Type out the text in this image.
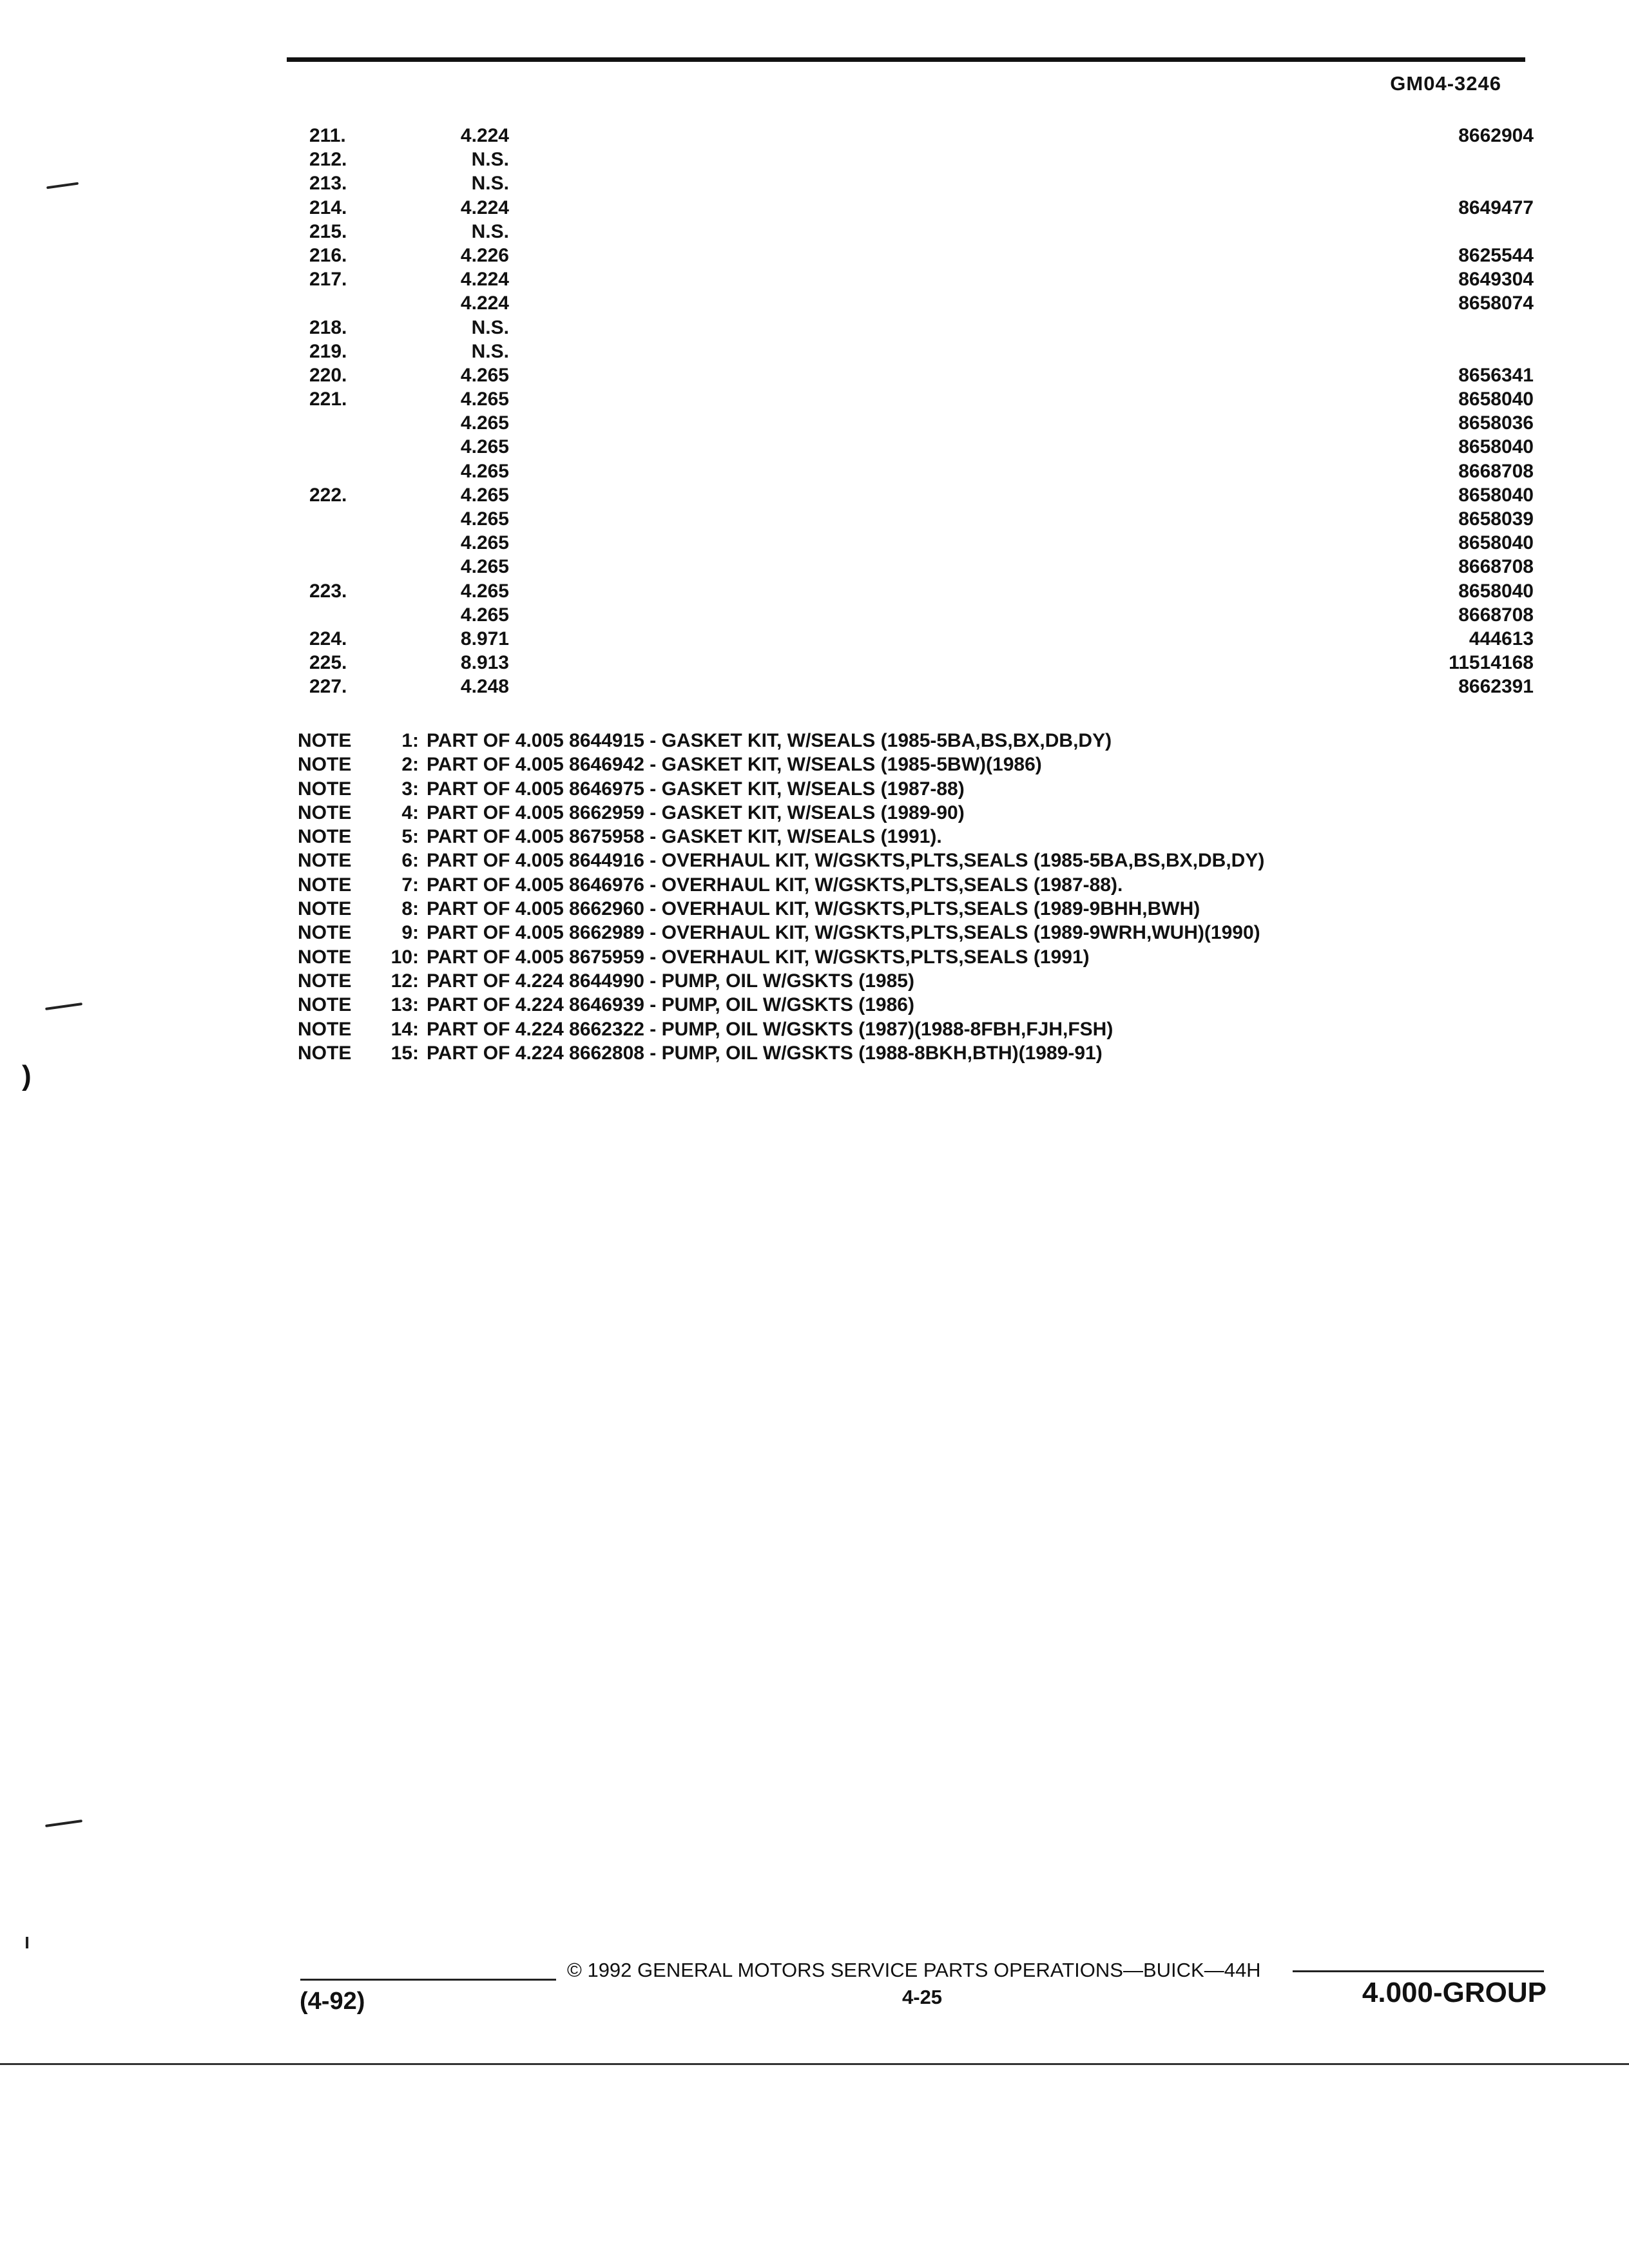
GM04-3246
211.	4.224	8662904
212.	N.S.
213.	N.S.
214.	4.224	8649477
215.	N.S.
216.	4.226	8625544
217.	4.224	8649304
4.224	8658074
218.	N.S.
219.	N.S.
220.	4.265	8656341
221.	4.265	8658040
4.265	8658036
4.265	8658040
4.265	8668708
222.	4.265	8658040
4.265	8658039
4.265	8658040
4.265	8668708
223.	4.265	8658040
4.265	8668708
224.	8.971	444613
225.	8.913	11514168
227.	4.248	8662391
NOTE	1: PART OF 4.005 8644915 - GASKET KIT, W/SEALS (1985-5BA,BS,BX,DB,DY)
NOTE	2: PART OF 4.005 8646942 - GASKET KIT, W/SEALS (1985-5BW)(1986)
NOTE	3: PART OF 4.005 8646975 - GASKET KIT, W/SEALS (1987-88)
NOTE	4: PART OF 4.005 8662959 - GASKET KIT, W/SEALS (1989-90)
NOTE	5: PART OF 4.005 8675958 - GASKET KIT, W/SEALS (1991).
NOTE	6: PART OF 4.005 8644916 - OVERHAUL KIT, W/GSKTS,PLTS,SEALS (1985-5BA,BS,BX,DB,DY)
NOTE	7: PART OF 4.005 8646976 - OVERHAUL KIT, W/GSKTS,PLTS,SEALS (1987-88).
NOTE	8: PART OF 4.005 8662960 - OVERHAUL KIT, W/GSKTS,PLTS,SEALS (1989-9BHH,BWH)
NOTE	9: PART OF 4.005 8662989 - OVERHAUL KIT, W/GSKTS,PLTS,SEALS (1989-9WRH,WUH)(1990)
NOTE	10: PART OF 4.005 8675959 - OVERHAUL KIT, W/GSKTS,PLTS,SEALS (1991)
NOTE	12: PART OF 4.224 8644990 - PUMP, OIL W/GSKTS (1985)
NOTE	13: PART OF 4.224 8646939 - PUMP, OIL W/GSKTS (1986)
NOTE	14: PART OF 4.224 8662322 - PUMP, OIL W/GSKTS (1987)(1988-8FBH,FJH,FSH)
NOTE	15: PART OF 4.224 8662808 - PUMP, OIL W/GSKTS (1988-8BKH,BTH)(1989-91)
)
© 1992 GENERAL MOTORS SERVICE PARTS OPERATIONS—BUICK—44H
(4-92)	4-25	4.000-GROUP
